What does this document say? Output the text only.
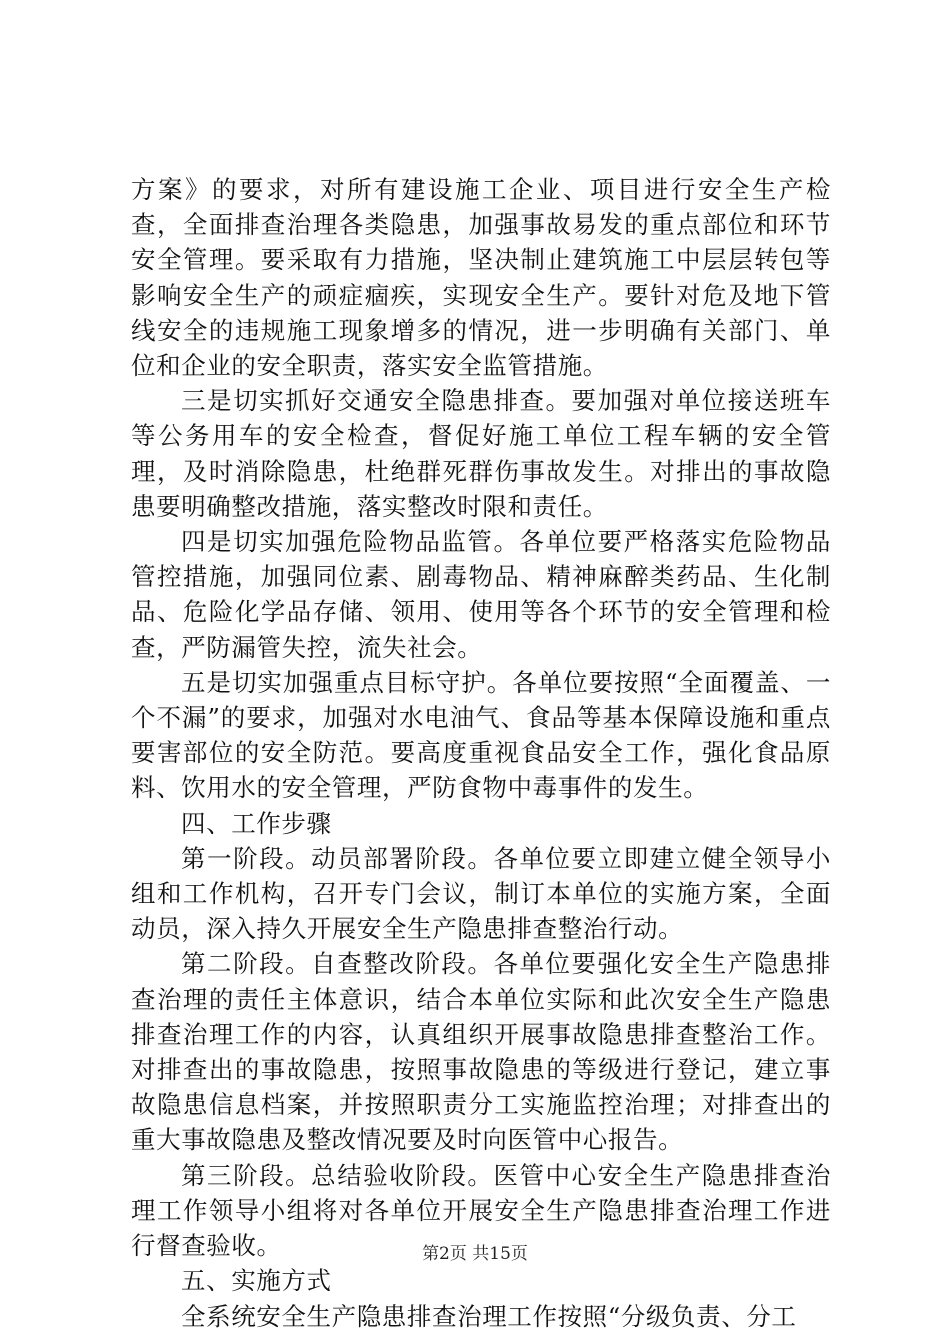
方案》的要求，对所有建设施工企业、项目进行安全生产检查，全面排查治理各类隐患，加强事故易发的重点部位和环节安全管理。要采取有力措施，坚决制止建筑施工中层层转包等影响安全生产的顽症痼疾，实现安全生产。要针对危及地下管线安全的违规施工现象增多的情况，进一步明确有关部门、单位和企业的安全职责，落实安全监管措施。

三是切实抓好交通安全隐患排查。要加强对单位接送班车等公务用车的安全检查，督促好施工单位工程车辆的安全管理，及时消除隐患，杜绝群死群伤事故发生。对排出的事故隐患要明确整改措施，落实整改时限和责任。

四是切实加强危险物品监管。各单位要严格落实危险物品管控措施，加强同位素、剧毒物品、精神麻醉类药品、生化制品、危险化学品存储、领用、使用等各个环节的安全管理和检查，严防漏管失控，流失社会。

五是切实加强重点目标守护。各单位要按照“全面覆盖、一个不漏”的要求，加强对水电油气、食品等基本保障设施和重点要害部位的安全防范。要高度重视食品安全工作，强化食品原料、饮用水的安全管理，严防食物中毒事件的发生。

四、工作步骤

第一阶段。动员部署阶段。各单位要立即建立健全领导小组和工作机构，召开专门会议，制订本单位的实施方案，全面动员，深入持久开展安全生产隐患排查整治行动。

第二阶段。自查整改阶段。各单位要强化安全生产隐患排查治理的责任主体意识，结合本单位实际和此次安全生产隐患排查治理工作的内容，认真组织开展事故隐患排查整治工作。对排查出的事故隐患，按照事故隐患的等级进行登记，建立事故隐患信息档案，并按照职责分工实施监控治理；对排查出的重大事故隐患及整改情况要及时向医管中心报告。

第三阶段。总结验收阶段。医管中心安全生产隐患排查治理工作领导小组将对各单位开展安全生产隐患排查治理工作进行督查验收。

五、实施方式

全系统安全生产隐患排查治理工作按照“分级负责、分工

第2页 共15页
